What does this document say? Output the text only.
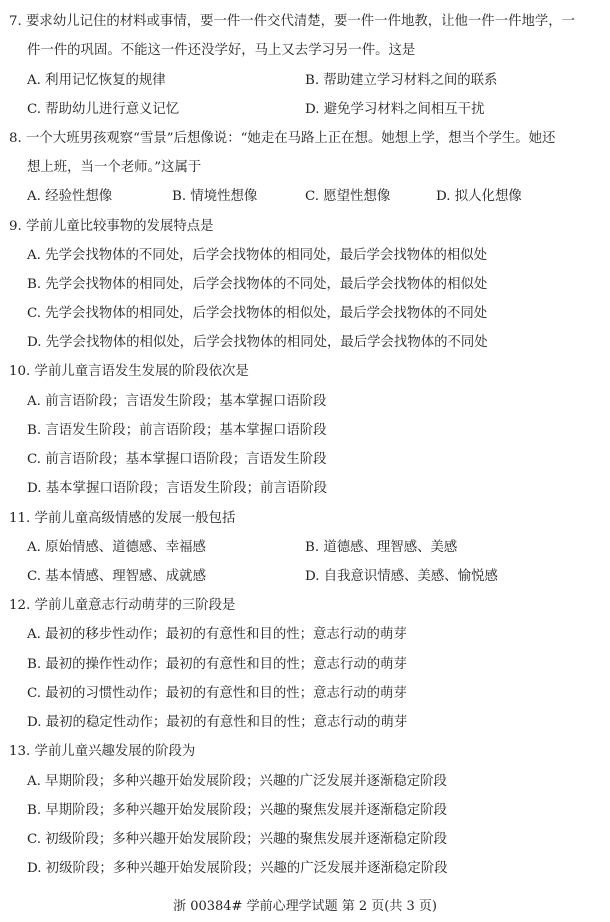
7. 要求幼儿记住的材料或事情，要一件一件交代清楚，要一件一件地教，让他一件一件地学，一
件一件的巩固。不能这一件还没学好，马上又去学习另一件。这是
A. 利用记忆恢复的规律	B. 帮助建立学习材料之间的联系
C. 帮助幼儿进行意义记忆	D. 避免学习材料之间相互干扰
8. 一个大班男孩观察“雪景”后想像说：“她走在马路上正在想。她想上学，想当个学生。她还
想上班，当一个老师。”这属于
A. 经验性想像	B. 情境性想像	C. 愿望性想像	D. 拟人化想像
9. 学前儿童比较事物的发展特点是
A. 先学会找物体的不同处，后学会找物体的相同处，最后学会找物体的相似处
B. 先学会找物体的相同处，后学会找物体的不同处，最后学会找物体的相似处
C. 先学会找物体的相同处，后学会找物体的相似处，最后学会找物体的不同处
D. 先学会找物体的相似处，后学会找物体的相同处，最后学会找物体的不同处
10. 学前儿童言语发生发展的阶段依次是
A. 前言语阶段；言语发生阶段；基本掌握口语阶段
B. 言语发生阶段；前言语阶段；基本掌握口语阶段
C. 前言语阶段；基本掌握口语阶段；言语发生阶段
D. 基本掌握口语阶段；言语发生阶段；前言语阶段
11. 学前儿童高级情感的发展一般包括
A. 原始情感、道德感、幸福感	B. 道德感、理智感、美感
C. 基本情感、理智感、成就感	D. 自我意识情感、美感、愉悦感
12. 学前儿童意志行动萌芽的三阶段是
A. 最初的移步性动作；最初的有意性和目的性；意志行动的萌芽
B. 最初的操作性动作；最初的有意性和目的性；意志行动的萌芽
C. 最初的习惯性动作；最初的有意性和目的性；意志行动的萌芽
D. 最初的稳定性动作；最初的有意性和目的性；意志行动的萌芽
13. 学前儿童兴趣发展的阶段为
A. 早期阶段；多种兴趣开始发展阶段；兴趣的广泛发展并逐渐稳定阶段
B. 早期阶段；多种兴趣开始发展阶段；兴趣的聚焦发展并逐渐稳定阶段
C. 初级阶段；多种兴趣开始发展阶段；兴趣的聚焦发展并逐渐稳定阶段
D. 初级阶段；多种兴趣开始发展阶段；兴趣的广泛发展并逐渐稳定阶段
浙 00384# 学前心理学试题 第 2 页(共 3 页)
